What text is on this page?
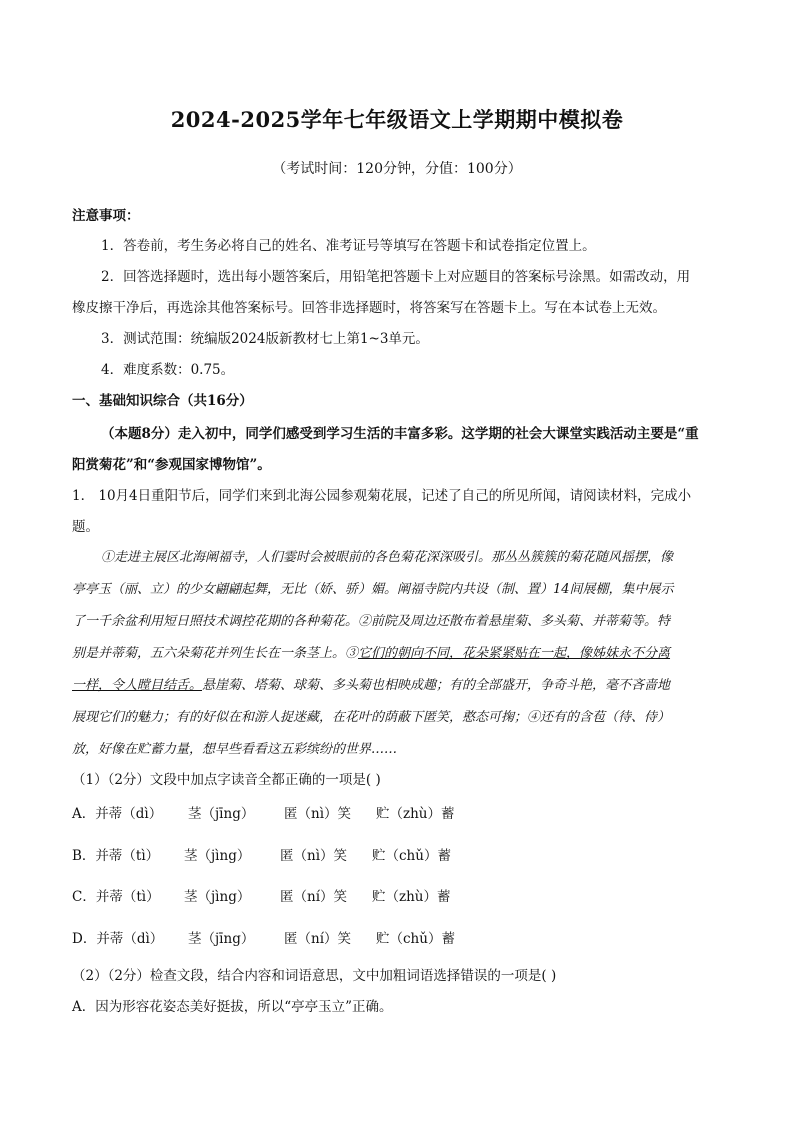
2024-2025学年七年级语文上学期期中模拟卷
（考试时间：120分钟，分值：100分）
注意事项：
1．答卷前，考生务必将自己的姓名、准考证号等填写在答题卡和试卷指定位置上。
2．回答选择题时，选出每小题答案后，用铅笔把答题卡上对应题目的答案标号涂黑。如需改动，用
橡皮擦干净后，再选涂其他答案标号。回答非选择题时，将答案写在答题卡上。写在本试卷上无效。
3．测试范围：统编版2024版新教材七上第1~3单元。
4．难度系数：0.75。
一、基础知识综合（共16分）
（本题8分）走入初中，同学们感受到学习生活的丰富多彩。这学期的社会大课堂实践活动主要是“重
阳赏菊花”和“参观国家博物馆”。
1． 10月4日重阳节后，同学们来到北海公园参观菊花展，记述了自己的所见所闻，请阅读材料，完成小
题。
①走进主展区北海阐福寺，人们霎时会被眼前的各色菊花深深吸引。那丛丛簇簇的菊花随风摇摆，像
亭亭玉（丽、立）的少女翩翩起舞，无比（娇、骄）媚。阐福寺院内共设（制、置）14间展棚，集中展示
了一千余盆利用短日照技术调控花期的各种菊花。②前院及周边还散布着悬崖菊、多头菊、并蒂菊等。特
别是并蒂菊，五六朵菊花并列生长在一条茎上。③它们的朝向不同，花朵紧紧贴在一起，像姊妹永不分离
一样，令人瞠目结舌。悬崖菊、塔菊、球菊、多头菊也相映成趣；有的全部盛开，争奇斗艳，毫不吝啬地
展现它们的魅力；有的好似在和游人捉迷藏，在花叶的荫蔽下匿笑，憨态可掬；④还有的含苞（待、侍）
放，好像在贮蓄力量，想早些看看这五彩缤纷的世界……
（1）（2分）文段中加点字读音全都正确的一项是( )
A．并蒂（dì） 茎（jīng） 匿（nì）笑 贮（zhù）蓄
B．并蒂（tì） 茎（jìng） 匿（nì）笑 贮（chǔ）蓄
C．并蒂（tì） 茎（jìng） 匿（ní）笑 贮（zhù）蓄
D．并蒂（dì） 茎（jīng） 匿（ní）笑 贮（chǔ）蓄
（2）（2分）检查文段，结合内容和词语意思，文中加粗词语选择错误的一项是( )
A．因为形容花姿态美好挺拔，所以“亭亭玉立”正确。
